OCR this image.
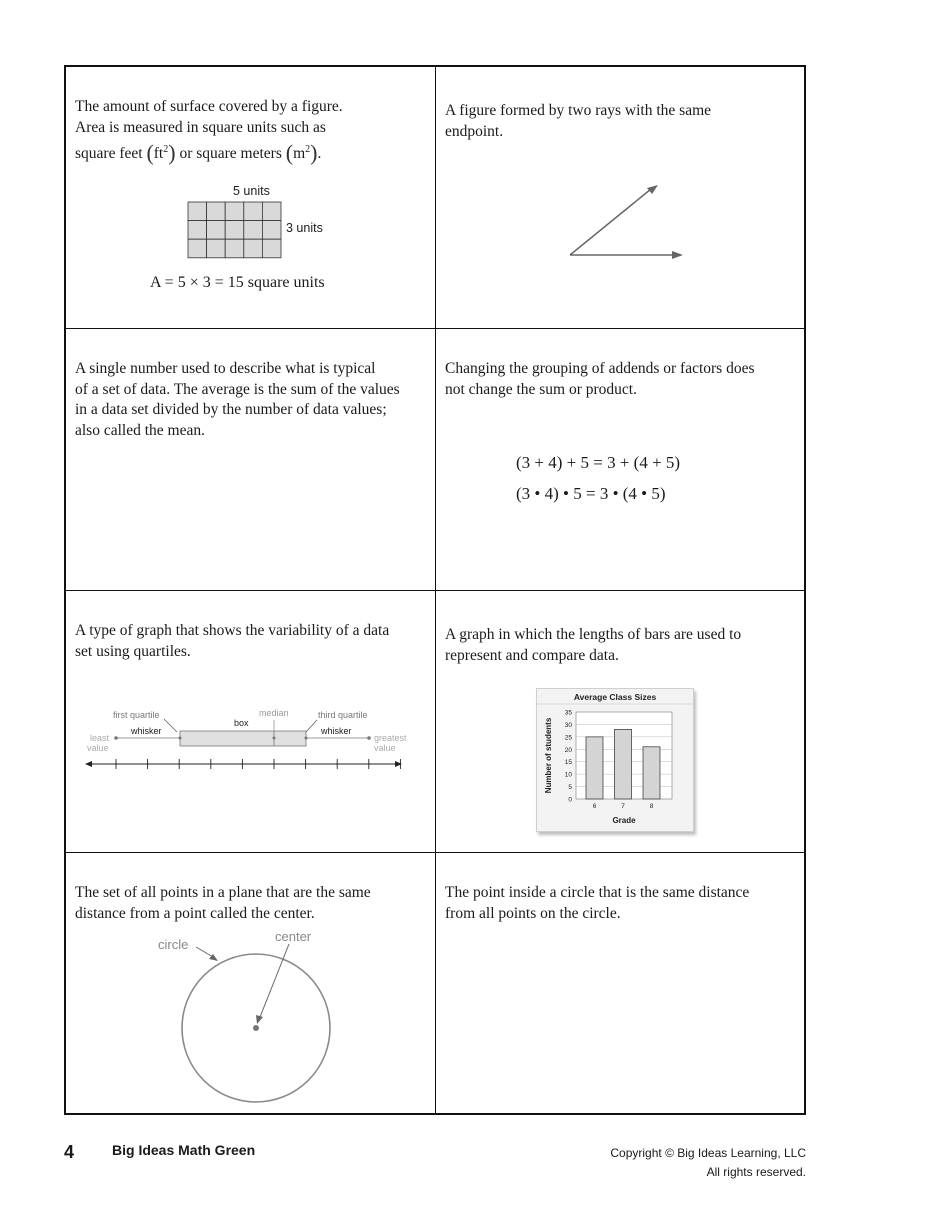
The amount of surface covered by a figure.
Area is measured in square units such as
square feet $(ft^2)$ or square meters $(m^2)$.
5 units
3 units
A = 5 × 3 = 15 square units
A figure formed by two rays with the same
endpoint.
A single number used to describe what is typical
of a set of data. The average is the sum of the values
in a data set divided by the number of data values;
also called the mean.
Changing the grouping of addends or factors does
not change the sum or product.
(3 + 4) + 5 = 3 + (4 + 5)
(3 • 4) • 5 = 3 • (4 • 5)
A type of graph that shows the variability of a data
set using quartiles.
first quartile	median	third quartile
box
whisker	whisker
least
value
greatest
value
A graph in which the lengths of bars are used to
represent and compare data.
Average Class Sizes
0
5
10
15
20
25
30
35
6	7	8
Grade
Number of students
The set of all points in a plane that are the same
distance from a point called the center.
circle
center
The point inside a circle that is the same distance
from all points on the circle.
4	Big Ideas Math Green	Copyright © Big Ideas Learning, LLC
All rights reserved.
